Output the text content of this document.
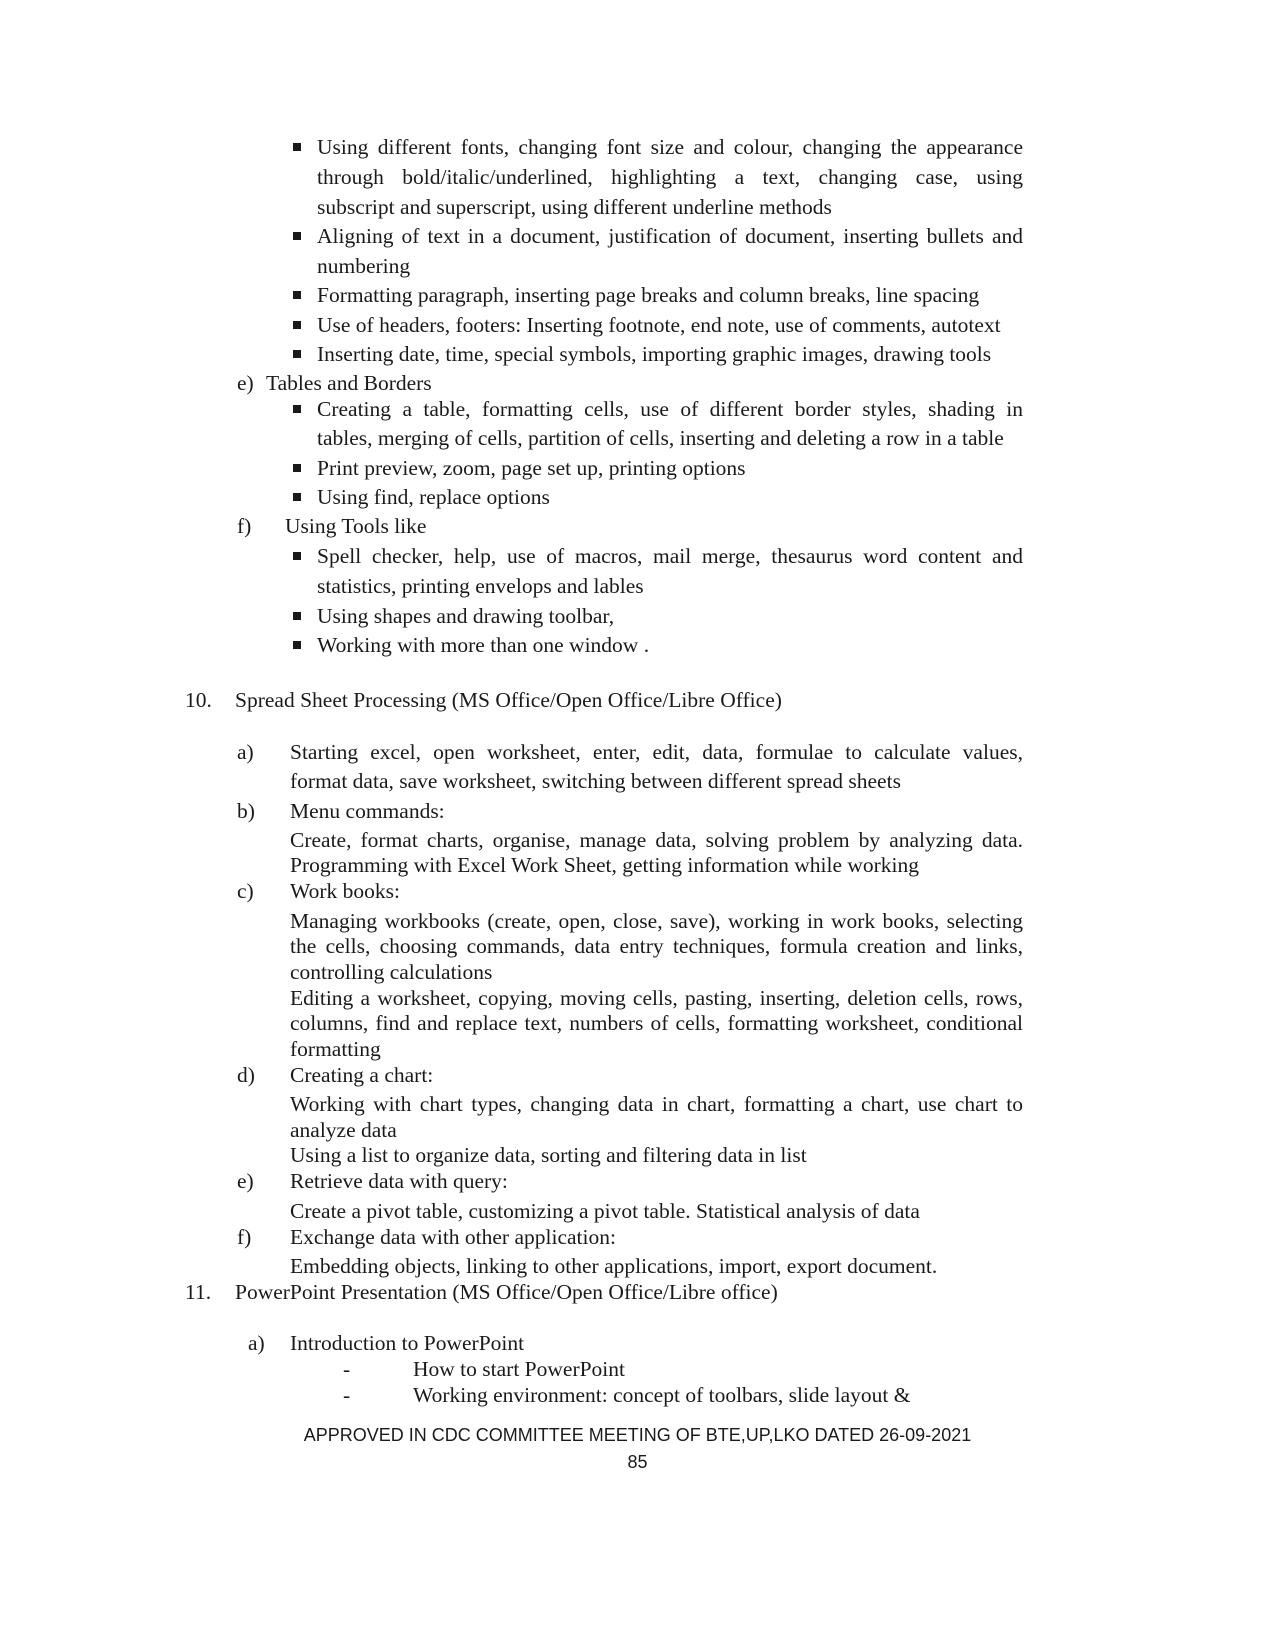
Using different fonts, changing font size and colour, changing the appearance
through bold/italic/underlined, highlighting a text, changing case, using
subscript and superscript, using different underline methods
Aligning of text in a document, justification of document, inserting bullets and
numbering
Formatting paragraph, inserting page breaks and column breaks, line spacing
Use of headers, footers: Inserting footnote, end note, use of comments, autotext
Inserting date, time, special symbols, importing graphic images, drawing tools
e) Tables and Borders
Creating a table, formatting cells, use of different border styles, shading in
tables, merging of cells, partition of cells, inserting and deleting a row in a table
Print preview, zoom, page set up, printing options
Using find, replace options
f) Using Tools like
Spell checker, help, use of macros, mail merge, thesaurus word content and
statistics, printing envelops and lables
Using shapes and drawing toolbar,
Working with more than one window .
10. Spread Sheet Processing (MS Office/Open Office/Libre Office)
a) Starting excel, open worksheet, enter, edit, data, formulae to calculate values,
format data, save worksheet, switching between different spread sheets
b) Menu commands:
Create, format charts, organise, manage data, solving problem by analyzing data.
Programming with Excel Work Sheet, getting information while working
c) Work books:
Managing workbooks (create, open, close, save), working in work books, selecting
the cells, choosing commands, data entry techniques, formula creation and links,
controlling calculations
Editing a worksheet, copying, moving cells, pasting, inserting, deletion cells, rows,
columns, find and replace text, numbers of cells, formatting worksheet, conditional
formatting
d) Creating a chart:
Working with chart types, changing data in chart, formatting a chart, use chart to
analyze data
Using a list to organize data, sorting and filtering data in list
e) Retrieve data with query:
Create a pivot table, customizing a pivot table. Statistical analysis of data
f) Exchange data with other application:
Embedding objects, linking to other applications, import, export document.
11. PowerPoint Presentation (MS Office/Open Office/Libre office)
a) Introduction to PowerPoint
-	How to start PowerPoint
-	Working environment: concept of toolbars, slide layout &
APPROVED IN CDC COMMITTEE MEETING OF BTE,UP,LKO DATED 26-09-2021
85
